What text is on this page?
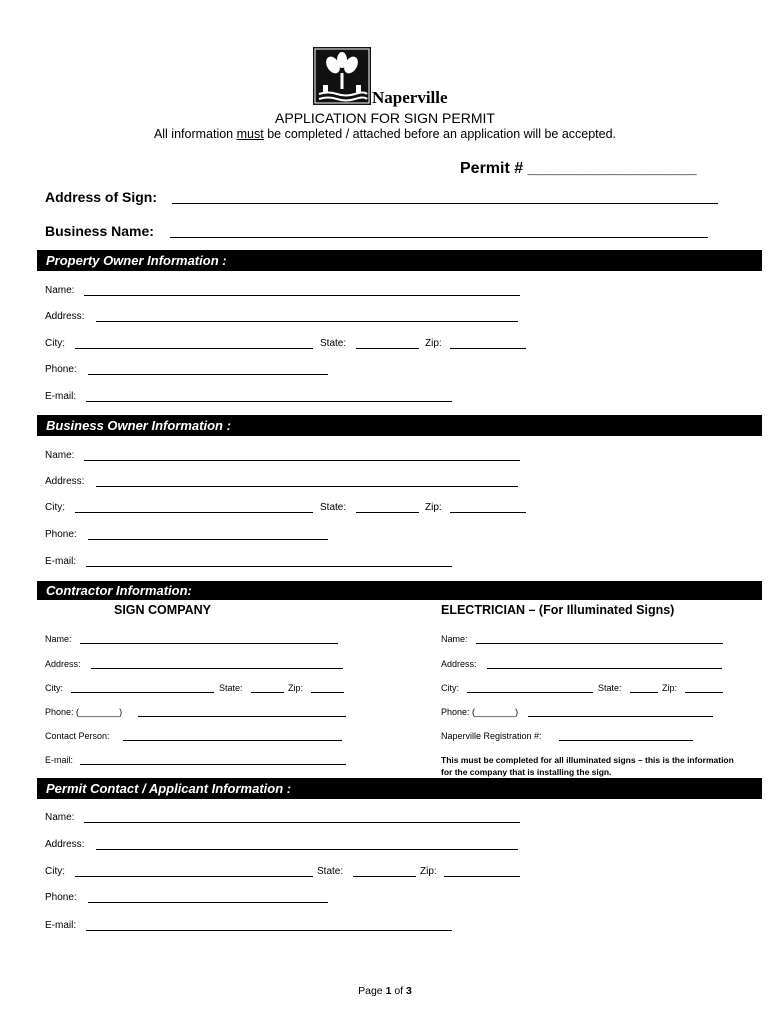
Naperville
APPLICATION FOR SIGN PERMIT
All information must be completed / attached before an application will be accepted.
Permit # ___________________
Address of Sign:
Business Name:
Property Owner Information :
Name:
Address:
City:	State:	Zip:
Phone:
E-mail:
Business Owner Information :
Name:
Address:
City:	State:	Zip:
Phone:
E-mail:
Contractor Information:
SIGN COMPANY	ELECTRICIAN – (For Illuminated Signs)
Name:
Address:
City:	State:	Zip:
Phone: (________)
Contact Person:
E-mail:
Name:
Address:
City:	State:	Zip:
Phone: (________)
Naperville Registration #:
This must be completed for all illuminated signs – this is the information for the company that is installing the sign.
Permit Contact / Applicant Information :
Name:
Address:
City:	State:	Zip:
Phone:
E-mail:
Page 1 of 3
